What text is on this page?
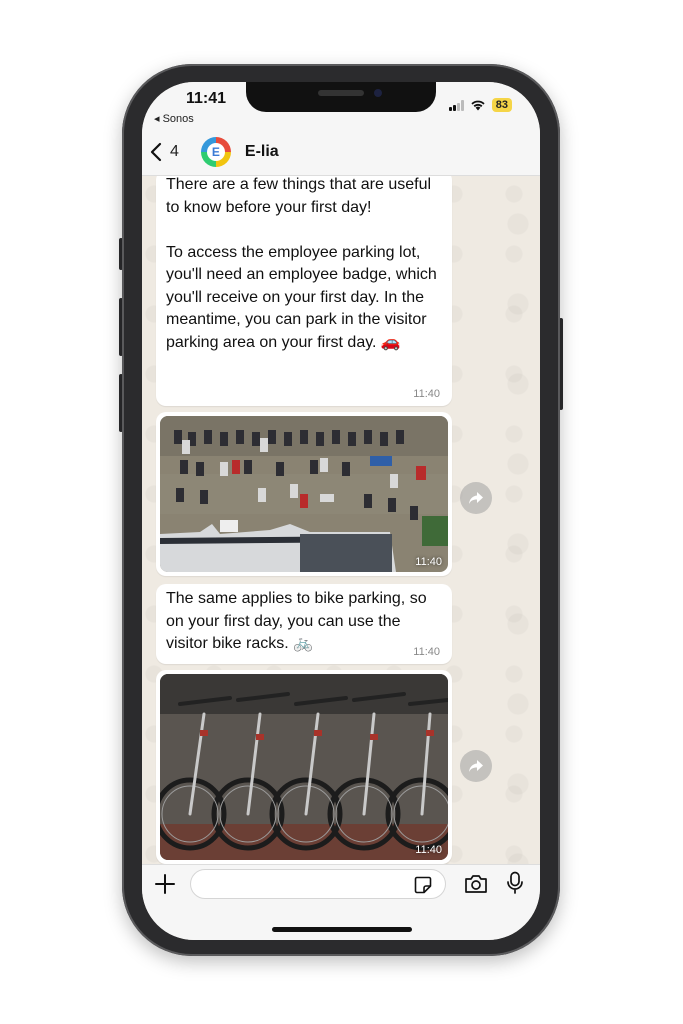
11:41
◂ Sonos
83
4	E	E-lia
There are a few things that are useful to know before your first day!

To access the employee parking lot, you'll need an employee badge, which you'll receive on your first day. In the meantime, you can park in the visitor parking area on your first day. 🚗
11:40
11:40
The same applies to bike parking, so on your first day, you can use the visitor bike racks. 🚲	11:40
11:40
